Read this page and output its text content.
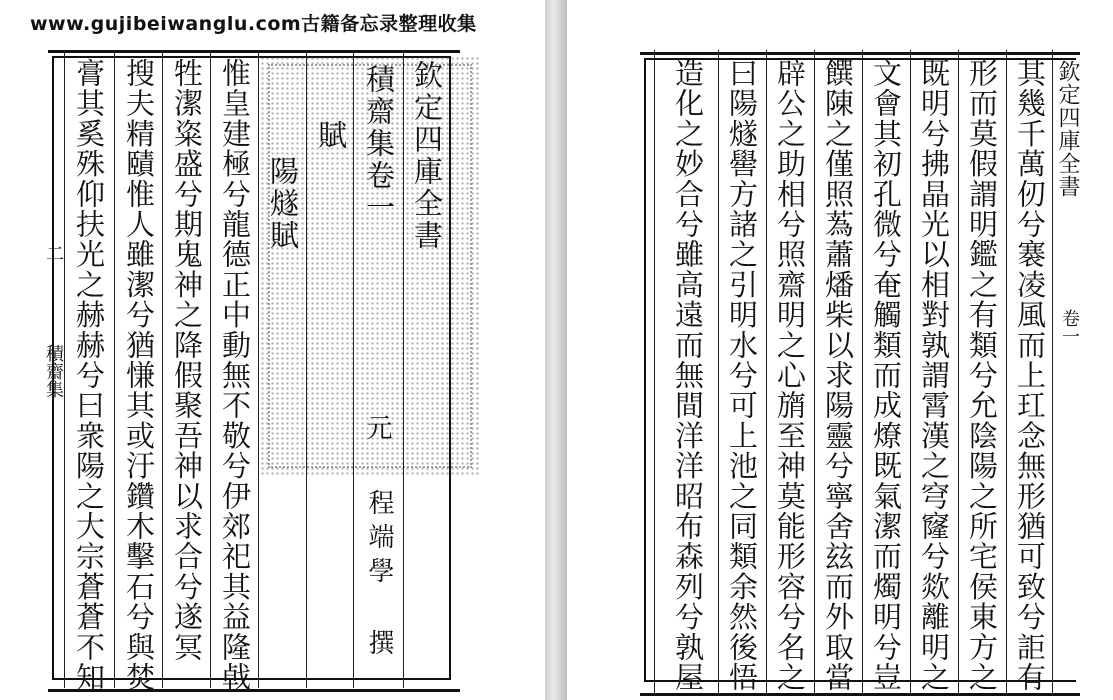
www.gujibeiwanglu.com古籍备忘录整理收集
欽定四庫全書
積齋集卷一
賦
陽燧賦
元
程端學
撰
惟皇建極兮龍德正中動無不敬兮伊郊祀其益隆㦸
牲潔粢盛兮期鬼神之降假聚吾神以求合兮遂冥
搜夫精賾惟人雖潔兮猶慊其或汙鑽木擊石兮與焚
膏其奚殊仰扶光之赫赫兮曰衆陽之大宗蒼蒼不知
二
積齋集
欽定四庫全書
卷一
其幾千萬仞兮褰凌風而上玒念無形猶可致兮詎有
形而莫假謂明鑑之有類兮允陰陽之所宅侯東方之
既明兮拂晶光以相對孰謂霄漢之穹窿兮欻離明之
文會其初孔微兮奄觸類而成燎既氣潔而燭明兮豈
饌陳之僅照蒍蕭燔柴以求陽靈兮寧舍玆而外取當
辟公之助相兮照齋明之心旓至神莫能形容兮名之
曰陽燧嚳方諸之引明水兮可上池之同類余然後悟
造化之妙合兮雖高遠而無間洋洋昭布森列兮孰屋
